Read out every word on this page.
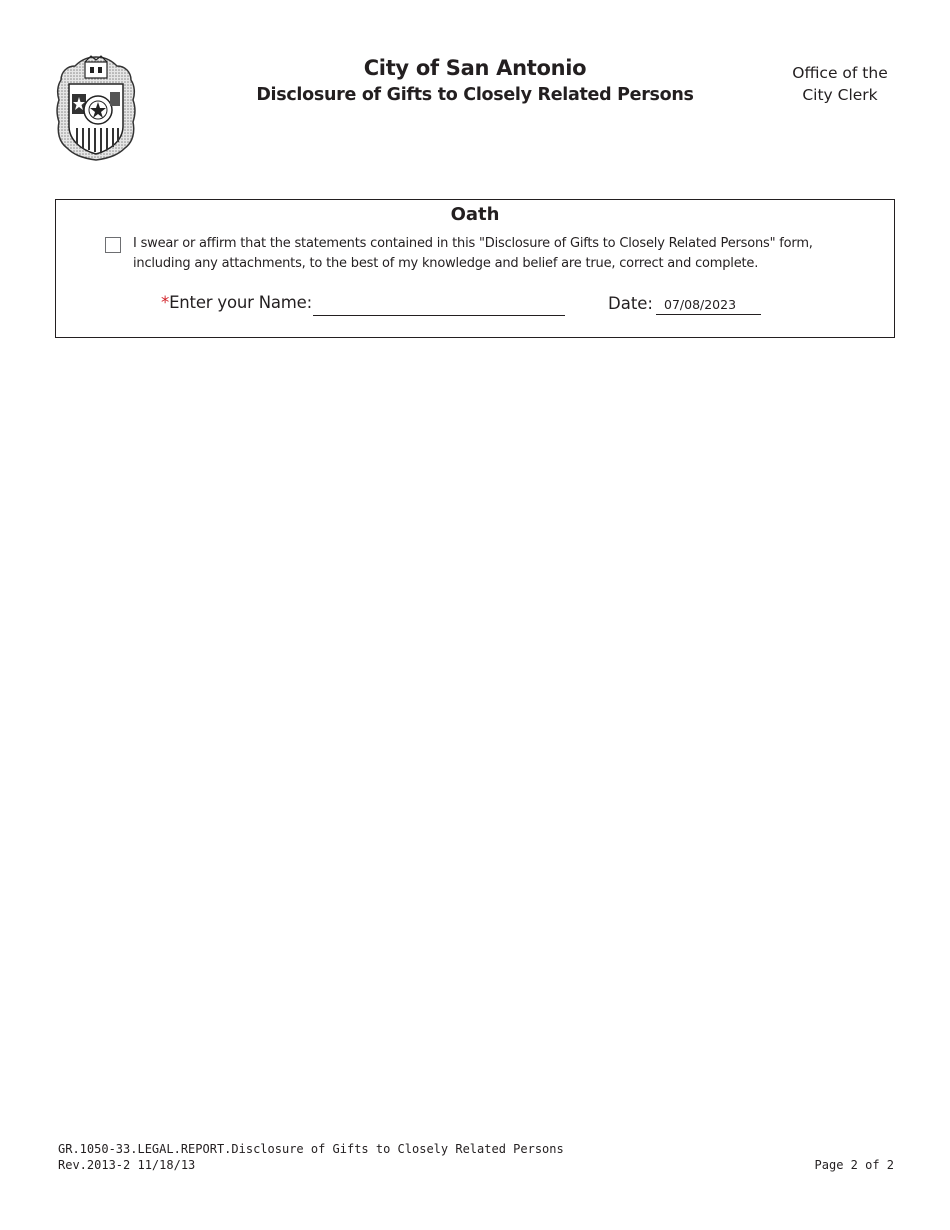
City of San Antonio
Disclosure of Gifts to Closely Related Persons
Office of the
City Clerk
Oath
I swear or affirm that the statements contained in this "Disclosure of Gifts to Closely Related Persons" form,
including any attachments, to the best of my knowledge and belief are true, correct and complete.
*Enter your Name:	Date:
07/08/2023
GR.1050-33.LEGAL.REPORT.Disclosure of Gifts to Closely Related Persons
Rev.2013-2 11/18/13	Page 2 of 2
